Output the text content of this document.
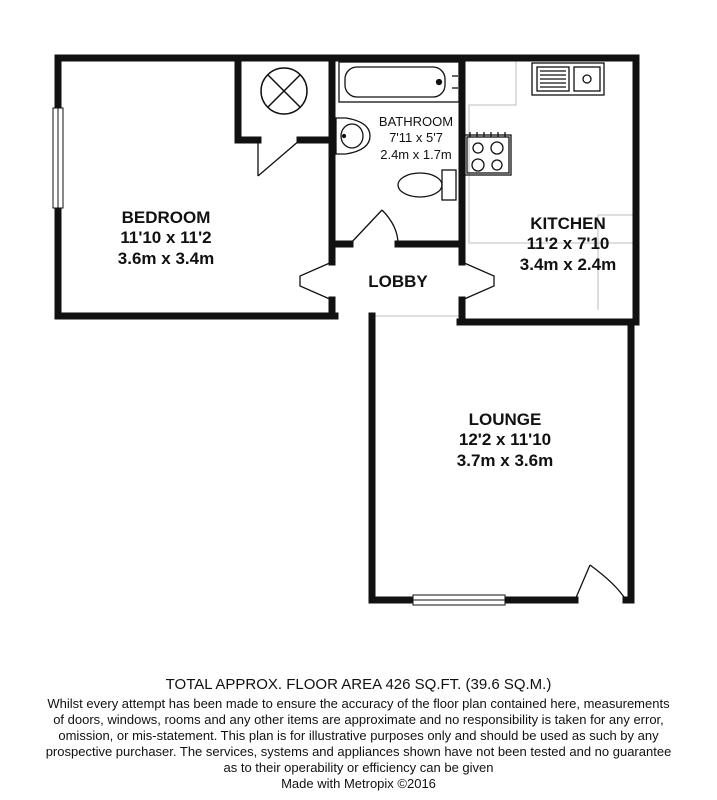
BEDROOM
11'10 x 11'2
3.6m x 3.4m
BATHROOM
7'11 x 5'7
2.4m x 1.7m
KITCHEN
11'2 x 7'10
3.4m x 2.4m
LOBBY
LOUNGE
12'2 x 11'10
3.7m x 3.6m
TOTAL APPROX. FLOOR AREA 426 SQ.FT. (39.6 SQ.M.)
Whilst every attempt has been made to ensure the accuracy of the floor plan contained here, measurements
of doors, windows, rooms and any other items are approximate and no responsibility is taken for any error,
omission, or mis-statement. This plan is for illustrative purposes only and should be used as such by any
prospective purchaser. The services, systems and appliances shown have not been tested and no guarantee
as to their operability or efficiency can be given
Made with Metropix ©2016
